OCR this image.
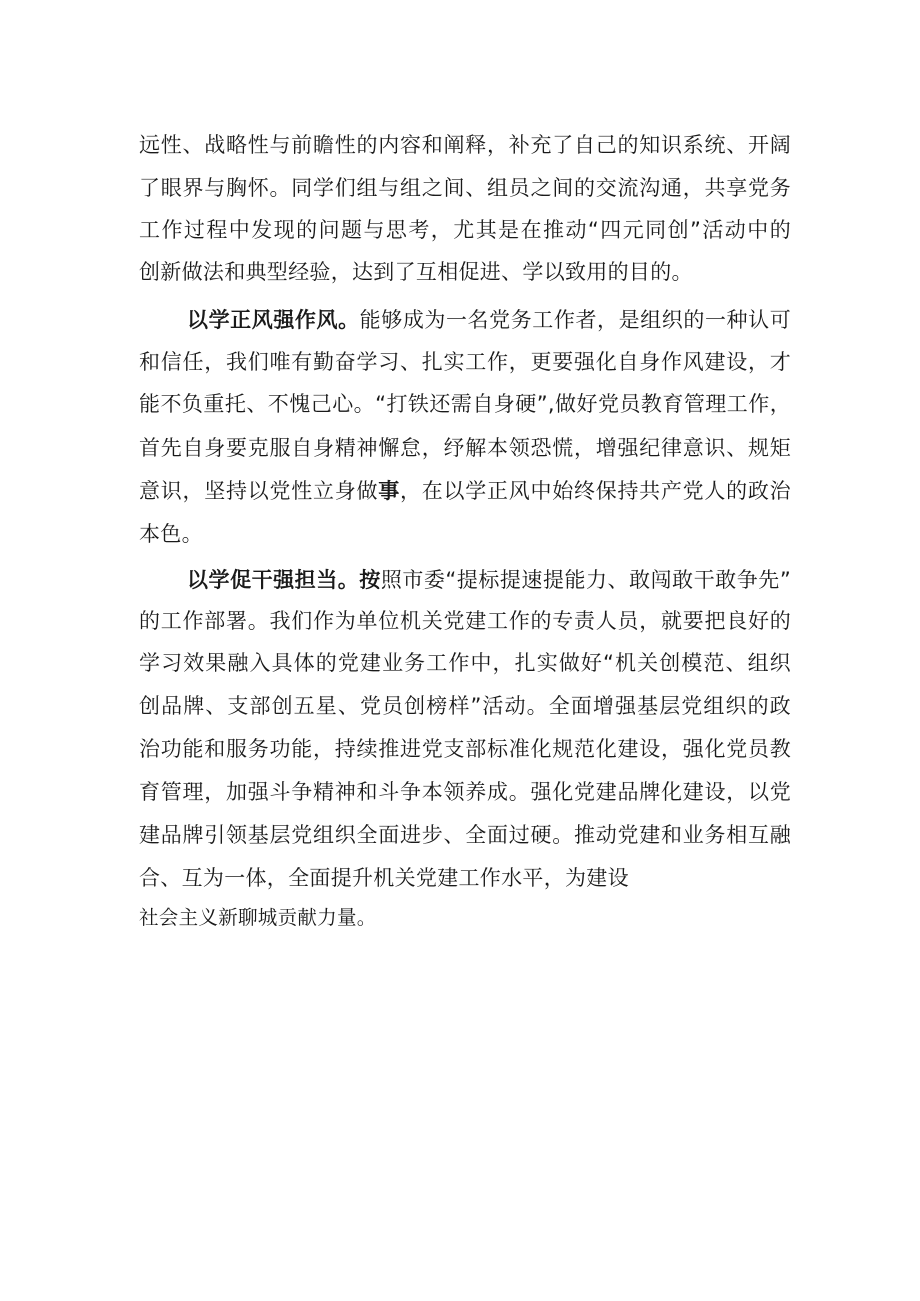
远性、战略性与前瞻性的内容和阐释，补充了自己的知识系统、开阔
了眼界与胸怀。同学们组与组之间、组员之间的交流沟通，共享党务
工作过程中发现的问题与思考，尤其是在推动“四元同创”活动中的
创新做法和典型经验，达到了互相促进、学以致用的目的。
以学正风强作风。能够成为一名党务工作者，是组织的一种认可
和信任，我们唯有勤奋学习、扎实工作，更要强化自身作风建设，才
能不负重托、不愧己心。“打铁还需自身硬”,做好党员教育管理工作，
首先自身要克服自身精神懈怠，纾解本领恐慌，增强纪律意识、规矩
意识，坚持以党性立身做事，在以学正风中始终保持共产党人的政治
本色。
以学促干强担当。按照市委“提标提速提能力、敢闯敢干敢争先”
的工作部署。我们作为单位机关党建工作的专责人员，就要把良好的
学习效果融入具体的党建业务工作中，扎实做好“机关创模范、组织
创品牌、支部创五星、党员创榜样”活动。全面增强基层党组织的政
治功能和服务功能，持续推进党支部标准化规范化建设，强化党员教
育管理，加强斗争精神和斗争本领养成。强化党建品牌化建设，以党
建品牌引领基层党组织全面进步、全面过硬。推动党建和业务相互融
合、互为一体，全面提升机关党建工作水平，为建设
社会主义新聊城贡献力量。
